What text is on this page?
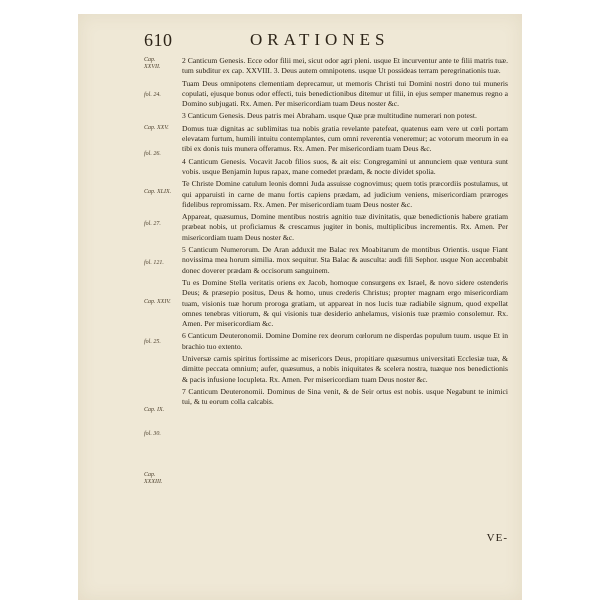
610	ORATIONES
Cap. XXVII.
fol. 24.
Cap. XXV.
fol. 26.
Cap. XLIX.
fol. 27.
fol. 121.
Cap. XXIV.
fol. 25.
Cap. IX.
fol. 30.
Cap. XXXIII.

2 Canticum Genesis. Ecce odor filii mei, sicut odor agri pleni. usque Et incurventur ante te filii matris tuæ. tum subditur ex cap. XXVIII. 3. Deus autem omnipotens. usque Ut possideas terram peregrinationis tuæ.

Tuam Deus omnipotens clementiam deprecamur, ut memoris Christi tui Domini nostri dono tui muneris copulati, ejusque bonus odor effecti, tuis benedictionibus ditemur ut filii, in ejus semper manemus regno a Domino subjugati. Rx. Amen. Per misericordiam tuam Deus noster &c.

3 Canticum Genesis. Deus patris mei Abraham. usque Quæ præ multitudine numerari non potest.

Domus tuæ dignitas ac sublimitas tua nobis gratia revelante patefeat, quatenus eam vere ut cœli portam elevatam furtum, humili intuitu contemplantes, cum omni reverentia veneremur; ac votorum meorum in ea tibi ex donis tuis munera offeramus. Rx. Amen. Per misericordiam tuam Deus &c.

4 Canticum Genesis. Vocavit Jacob filios suos, & ait eis: Congregamini ut annunciem quæ ventura sunt vobis. usque Benjamin lupus rapax, mane comedet prædam, & nocte dividet spolia.

Te Christe Domine catulum leonis domni Juda assuisse cognovimus; quem totis præcordiis postulamus, ut qui apparuisti in carne de manu fortis capiens prædam, ad judicium veniens, misericordiam præroges fidelibus repromissam. Rx. Amen. Per misericordiam tuam Deus noster &c.

Appareat, quæsumus, Domine mentibus nostris agnitio tuæ divinitatis, quæ benedictionis habere gratiam præbeat nobis, ut proficiamus & crescamus jugiter in bonis, multiplicibus incrementis. Rx. Amen. Per misericordiam tuam Deus noster &c.

5 Canticum Numerorum. De Aran adduxit me Balac rex Moabitarum de montibus Orientis. usque Fiant novissima mea horum similia. mox sequitur. Sta Balac & ausculta: audi fili Sephor. usque Non accenbabit donec doverer prædam & occisorum sanguinem.

Tu es Domine Stella veritatis oriens ex Jacob, homoque consurgens ex Israel, & novo sidere ostenderis Deus; & præsepio positus, Deus & homo, unus crederis Christus; propter magnam ergo misericordiam tuam, visionis tuæ horum proroga gratiam, ut appareat in nos lucis tuæ radiabile signum, quod expellat omnes tenebras vitiorum, & qui visionis tuæ desiderio anhelamus, visionis tuæ præmio consolemur. Rx. Amen. Per misericordiam &c.

6 Canticum Deuteronomii. Domine Domine rex deorum cœlorum ne disperdas populum tuum. usque Et in brachio tuo extento.

Universæ carnis spiritus fortissime ac misericors Deus, propitiare quæsumus universitati Ecclesiæ tuæ, & dimitte peccata omnium; aufer, quæsumus, a nobis iniquitates & scelera nostra, tuæque nos benedictionis & pacis infusione locupleta. Rx. Amen. Per misericordiam tuam Deus noster &c.

7 Canticum Deuteronomii. Dominus de Sina venit, & de Seir ortus est nobis. usque Negabunt te inimici tui, & tu eorum colla calcabis.

VE-
